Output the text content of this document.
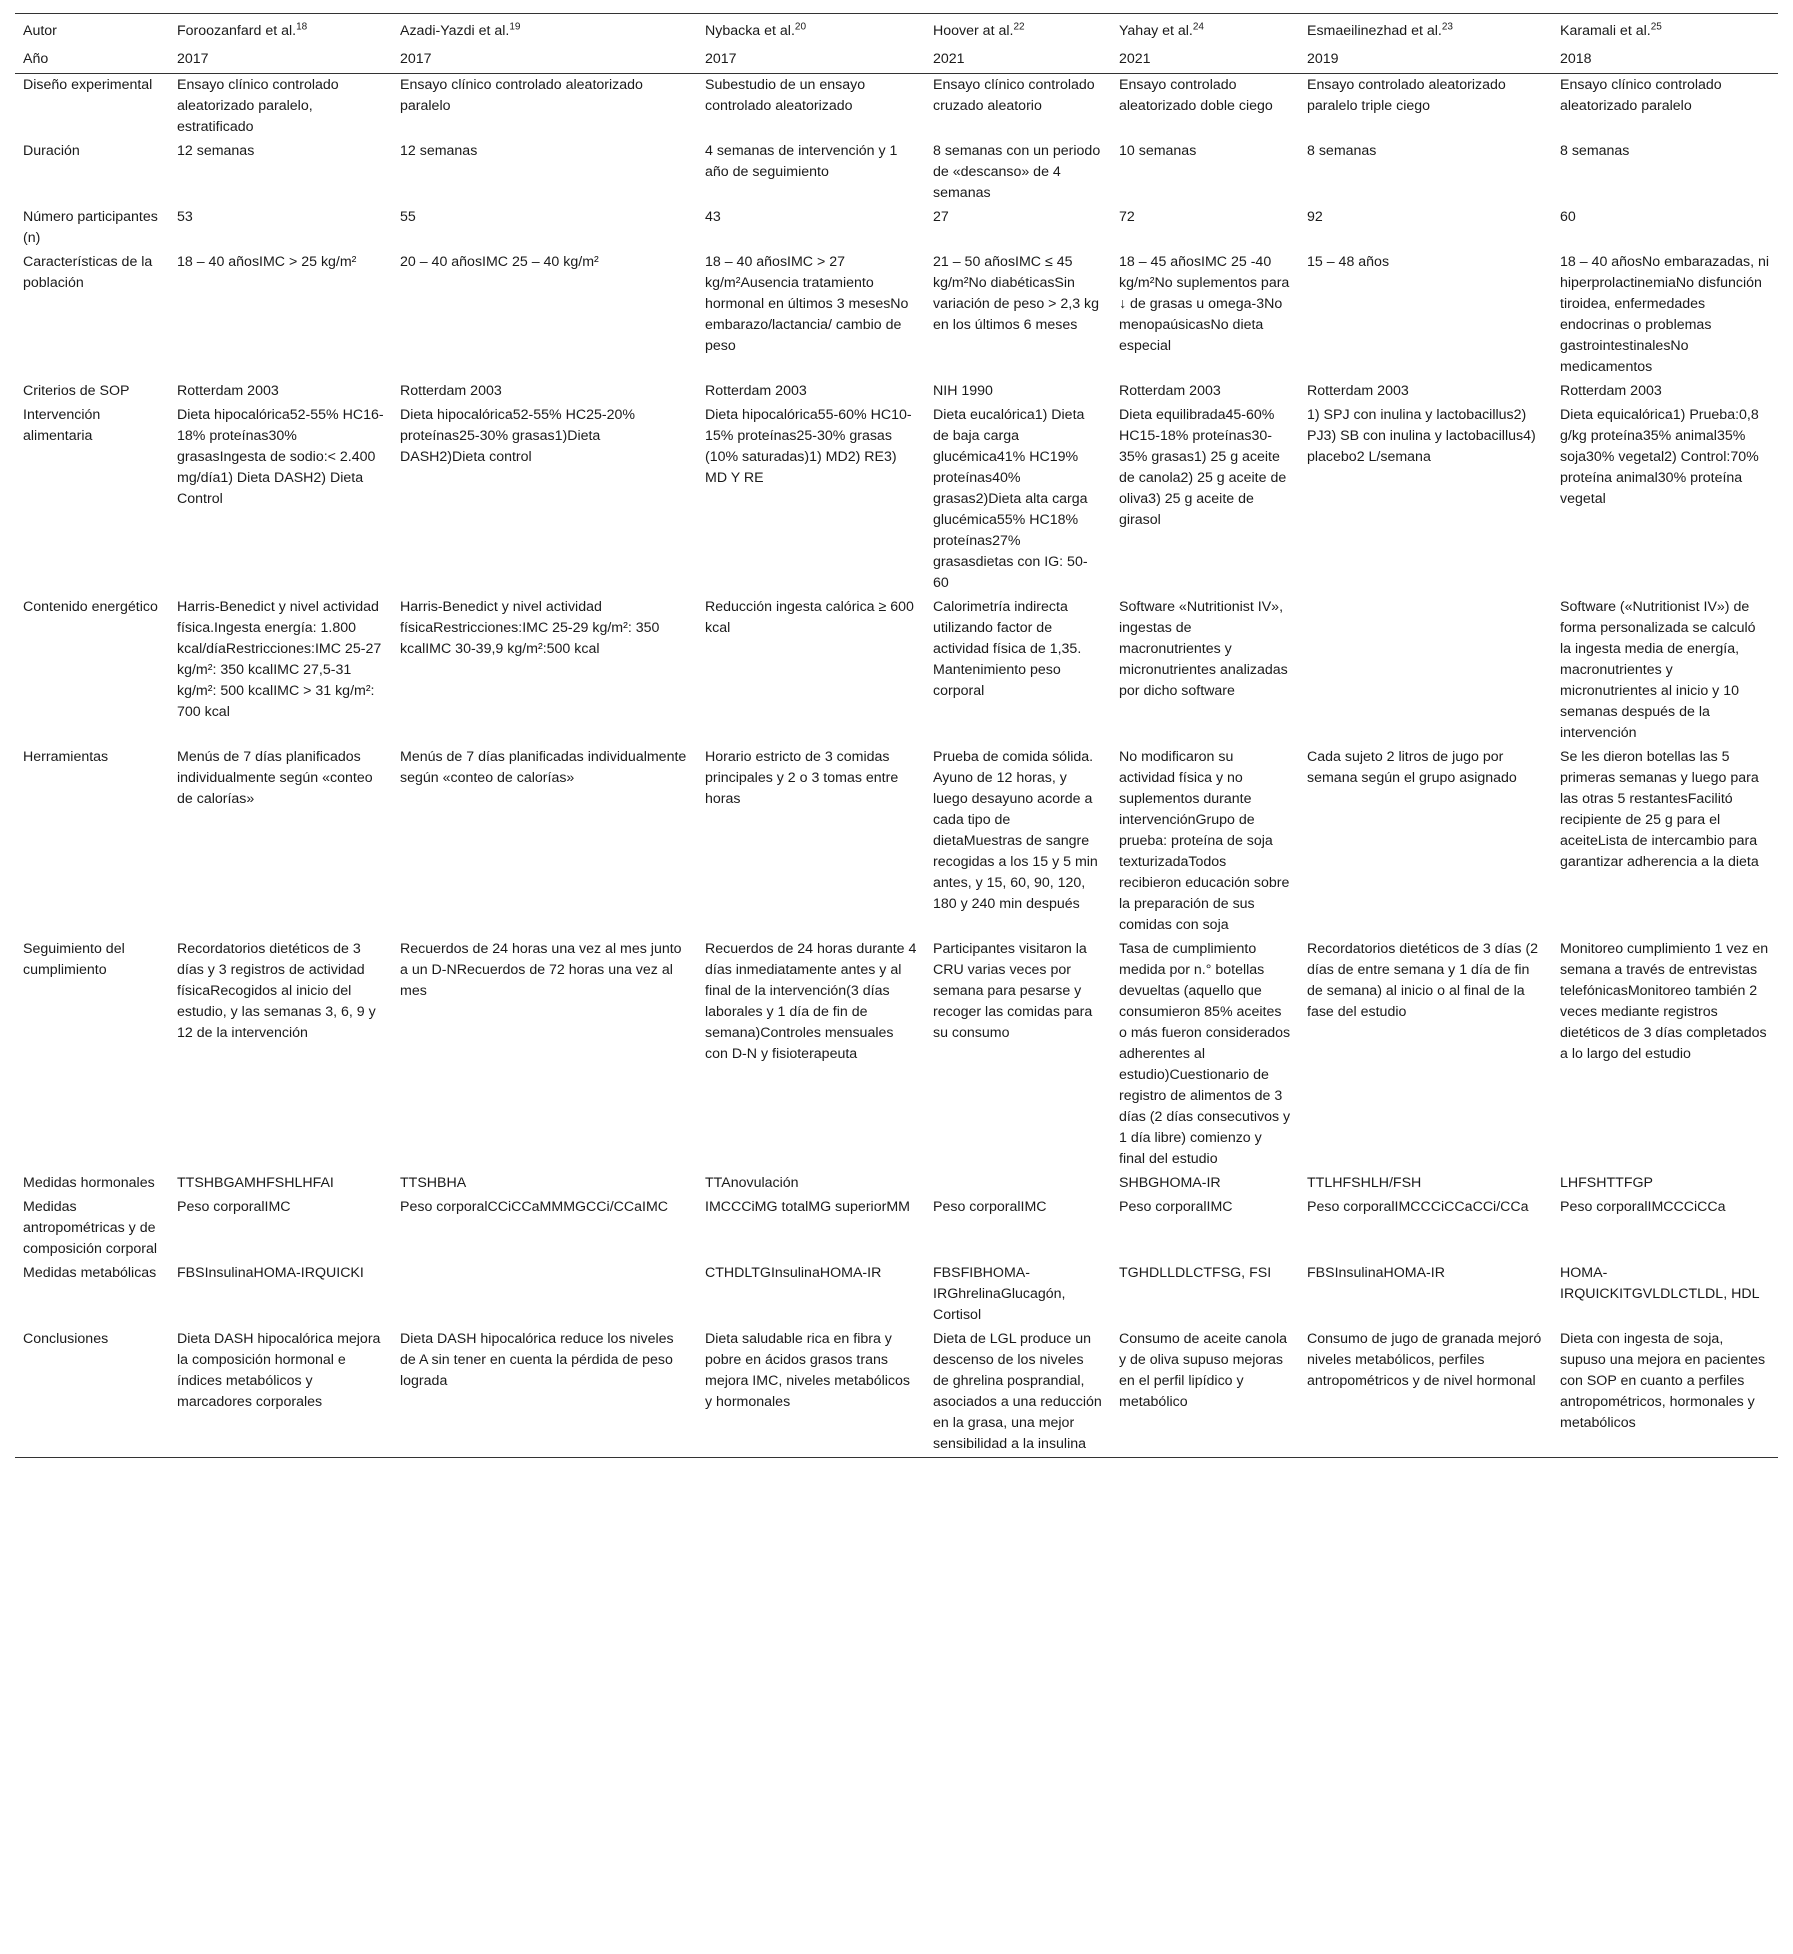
Autor	Foroozanfard et al.$^{18}$	Azadi-Yazdi et al.$^{19}$	Nybacka et al.$^{20}$	Hoover at al.$^{22}$	Yahay et al.$^{24}$	Esmaeilinezhad et al.$^{23}$	Karamali et al.$^{25}$
Año	2017	2017	2017	2021	2021	2019	2018
Diseño experimental	Ensayo clínico controlado aleatorizado paralelo, estratificado	Ensayo clínico controlado aleatorizado paralelo	Subestudio de un ensayo controlado aleatorizado	Ensayo clínico controlado cruzado aleatorio	Ensayo controlado aleatorizado doble ciego	Ensayo controlado aleatorizado paralelo triple ciego	Ensayo clínico controlado aleatorizado paralelo
Duración	12 semanas	12 semanas	4 semanas de intervención y 1 año de seguimiento	8 semanas con un periodo de «descanso» de 4 semanas	10 semanas	8 semanas	8 semanas
Número participantes (n)	53	55	43	27	72	92	60
Características de la población	18 – 40 añosIMC > 25 kg/m²	20 – 40 añosIMC 25 – 40 kg/m²	18 – 40 añosIMC > 27 kg/m²Ausencia tratamiento hormonal en últimos 3 mesesNo embarazo/lactancia/ cambio de peso	21 – 50 añosIMC ≤ 45 kg/m²No diabéticasSin variación de peso > 2,3 kg en los últimos 6 meses	18 – 45 añosIMC 25 -40 kg/m²No suplementos para ↓ de grasas u omega-3No menopaúsicasNo dieta especial	15 – 48 años	18 – 40 añosNo embarazadas, ni hiperprolactinemiaNo disfunción tiroidea, enfermedades endocrinas o problemas gastrointestinalesNo medicamentos
Criterios de SOP	Rotterdam 2003	Rotterdam 2003	Rotterdam 2003	NIH 1990	Rotterdam 2003	Rotterdam 2003	Rotterdam 2003
Intervención alimentaria	Dieta hipocalórica52-55% HC16-18% proteínas30% grasasIngesta de sodio:< 2.400 mg/día1) Dieta DASH2) Dieta Control	Dieta hipocalórica52-55% HC25-20% proteínas25-30% grasas1)Dieta DASH2)Dieta control	Dieta hipocalórica55-60% HC10-15% proteínas25-30% grasas (10% saturadas)1) MD2) RE3) MD Y RE	Dieta eucalórica1) Dieta de baja carga glucémica41% HC19% proteínas40% grasas2)Dieta alta carga glucémica55% HC18% proteínas27% grasasdietas con IG: 50-60	Dieta equilibrada45-60% HC15-18% proteínas30-35% grasas1) 25 g aceite de canola2) 25 g aceite de oliva3) 25 g aceite de girasol	1) SPJ con inulina y lactobacillus2) PJ3) SB con inulina y lactobacillus4) placebo2 L/semana	Dieta equicalórica1) Prueba:0,8 g/kg proteína35% animal35% soja30% vegetal2) Control:70% proteína animal30% proteína vegetal
Contenido energético	Harris-Benedict y nivel actividad física.Ingesta energía: 1.800 kcal/díaRestricciones:IMC 25-27 kg/m²: 350 kcalIMC 27,5-31 kg/m²: 500 kcalIMC > 31 kg/m²: 700 kcal	Harris-Benedict y nivel actividad físicaRestricciones:IMC 25-29 kg/m²: 350 kcalIMC 30-39,9 kg/m²:500 kcal	Reducción ingesta calórica ≥ 600 kcal	Calorimetría indirecta utilizando factor de actividad física de 1,35. Mantenimiento peso corporal	Software «Nutritionist IV», ingestas de macronutrientes y micronutrientes analizadas por dicho software		Software («Nutritionist IV») de forma personalizada se calculó la ingesta media de energía, macronutrientes y micronutrientes al inicio y 10 semanas después de la intervención
Herramientas	Menús de 7 días planificados individualmente según «conteo de calorías»	Menús de 7 días planificadas individualmente según «conteo de calorías»	Horario estricto de 3 comidas principales y 2 o 3 tomas entre horas	Prueba de comida sólida. Ayuno de 12 horas, y luego desayuno acorde a cada tipo de dietaMuestras de sangre recogidas a los 15 y 5 min antes, y 15, 60, 90, 120, 180 y 240 min después	No modificaron su actividad física y no suplementos durante intervenciónGrupo de prueba: proteína de soja texturizadaTodos recibieron educación sobre la preparación de sus comidas con soja	Cada sujeto 2 litros de jugo por semana según el grupo asignado	Se les dieron botellas las 5 primeras semanas y luego para las otras 5 restantesFacilitó recipiente de 25 g para el aceiteLista de intercambio para garantizar adherencia a la dieta
Seguimiento del cumplimiento	Recordatorios dietéticos de 3 días y 3 registros de actividad físicaRecogidos al inicio del estudio, y las semanas 3, 6, 9 y 12 de la intervención	Recuerdos de 24 horas una vez al mes junto a un D-NRecuerdos de 72 horas una vez al mes	Recuerdos de 24 horas durante 4 días inmediatamente antes y al final de la intervención(3 días laborales y 1 día de fin de semana)Controles mensuales con D-N y fisioterapeuta	Participantes visitaron la CRU varias veces por semana para pesarse y recoger las comidas para su consumo	Tasa de cumplimiento medida por n.° botellas devueltas (aquello que consumieron 85% aceites o más fueron considerados adherentes al estudio)Cuestionario de registro de alimentos de 3 días (2 días consecutivos y 1 día libre) comienzo y final del estudio	Recordatorios dietéticos de 3 días (2 días de entre semana y 1 día de fin de semana) al inicio o al final de la fase del estudio	Monitoreo cumplimiento 1 vez en semana a través de entrevistas telefónicasMonitoreo también 2 veces mediante registros dietéticos de 3 días completados a lo largo del estudio
Medidas hormonales	TTSHBGAMHFSHLHFAI	TTSHBHA	TTAnovulación		SHBGHOMA-IR	TTLHFSHLH/FSH	LHFSHTTFGP
Medidas antropométricas y de composición corporal	Peso corporalIMC	Peso corporalCCiCCaMMMGCCi/CCaIMC	IMCCCiMG totalMG superiorMM	Peso corporalIMC	Peso corporalIMC	Peso corporalIMCCCiCCaCCi/CCa	Peso corporalIMCCCiCCa
Medidas metabólicas	FBSInsulinaHOMA-IRQUICKI		CTHDLTGInsulinaHOMA-IR	FBSFIBHOMA-IRGhrelinaGlucagón, Cortisol	TGHDLLDLCTFSG, FSI	FBSInsulinaHOMA-IR	HOMA-IRQUICKITGVLDLCTLDL, HDL
Conclusiones	Dieta DASH hipocalórica mejora la composición hormonal e índices metabólicos y marcadores corporales	Dieta DASH hipocalórica reduce los niveles de A sin tener en cuenta la pérdida de peso lograda	Dieta saludable rica en fibra y pobre en ácidos grasos trans mejora IMC, niveles metabólicos y hormonales	Dieta de LGL produce un descenso de los niveles de ghrelina posprandial, asociados a una reducción en la grasa, una mejor sensibilidad a la insulina	Consumo de aceite canola y de oliva supuso mejoras en el perfil lipídico y metabólico	Consumo de jugo de granada mejoró niveles metabólicos, perfiles antropométricos y de nivel hormonal	Dieta con ingesta de soja, supuso una mejora en pacientes con SOP en cuanto a perfiles antropométricos, hormonales y metabólicos
